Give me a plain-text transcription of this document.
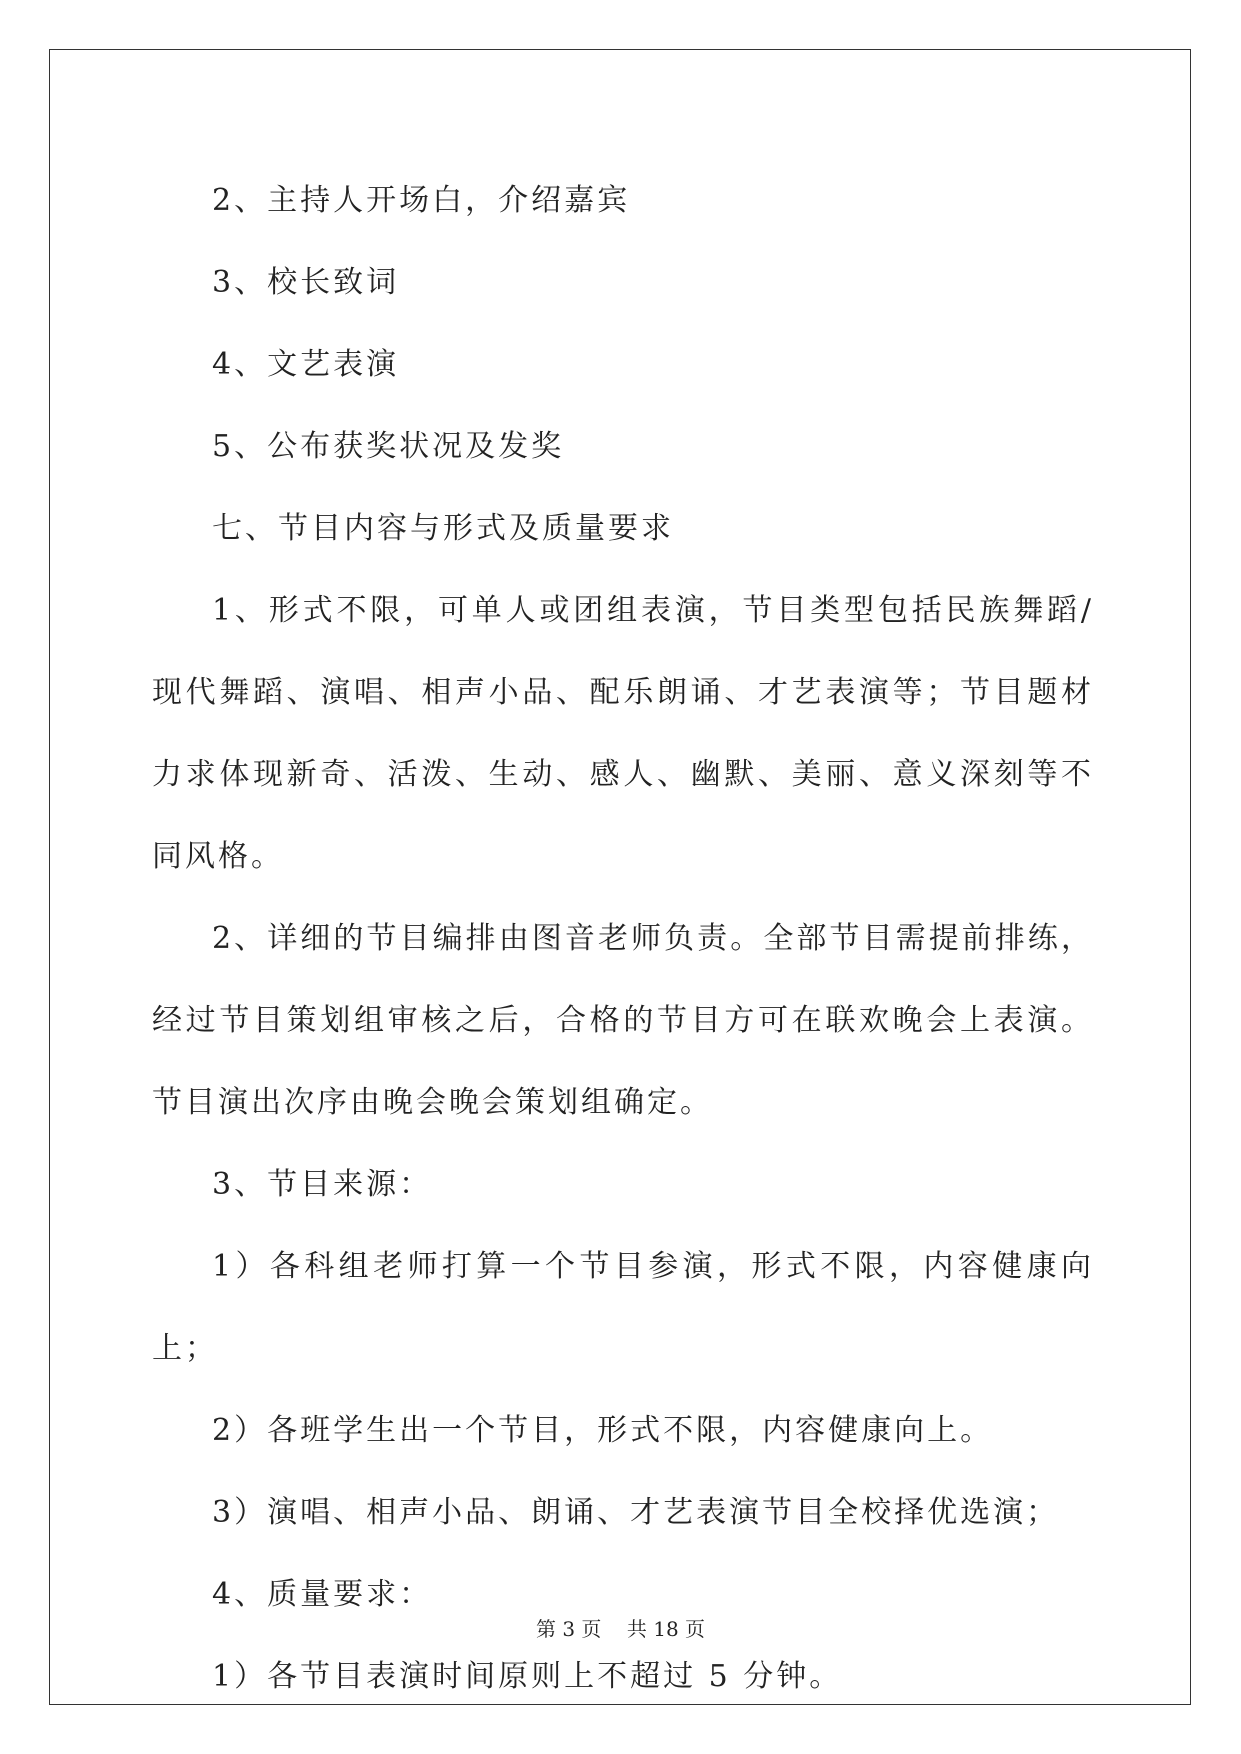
2、主持人开场白，介绍嘉宾

3、校长致词

4、文艺表演

5、公布获奖状况及发奖

七、节目内容与形式及质量要求

1、形式不限，可单人或团组表演，节目类型包括民族舞蹈/现代舞蹈、演唱、相声小品、配乐朗诵、才艺表演等；节目题材力求体现新奇、活泼、生动、感人、幽默、美丽、意义深刻等不同风格。

2、详细的节目编排由图音老师负责。全部节目需提前排练，经过节目策划组审核之后，合格的节目方可在联欢晚会上表演。节目演出次序由晚会晚会策划组确定。

3、节目来源：

1）各科组老师打算一个节目参演，形式不限，内容健康向上；

2）各班学生出一个节目，形式不限，内容健康向上。

3）演唱、相声小品、朗诵、才艺表演节目全校择优选演；

4、质量要求：

1）各节目表演时间原则上不超过 5 分钟。

第 3 页 共 18 页
